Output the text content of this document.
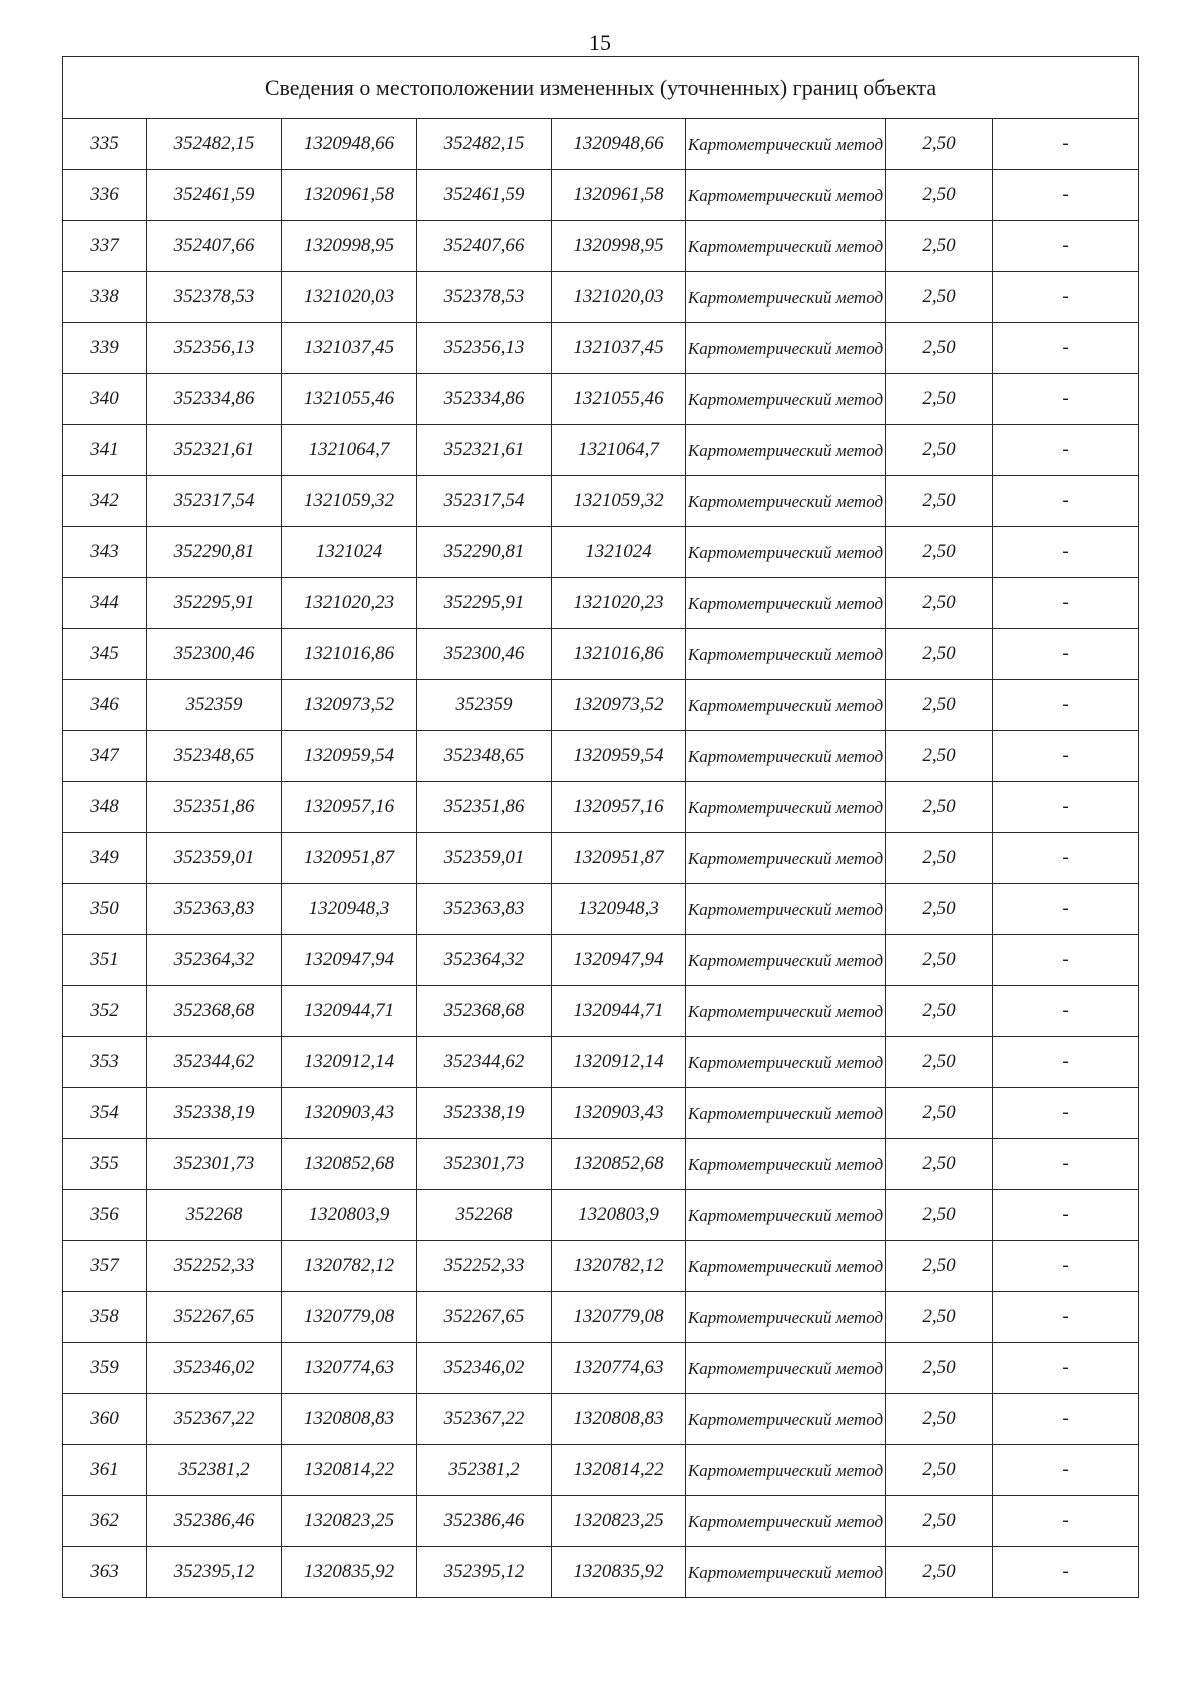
15
Сведения о местоположении измененных (уточненных) границ объекта							
335	352482,15	1320948,66	352482,15	1320948,66	Картометрический метод	2,50	-
336	352461,59	1320961,58	352461,59	1320961,58	Картометрический метод	2,50	-
337	352407,66	1320998,95	352407,66	1320998,95	Картометрический метод	2,50	-
338	352378,53	1321020,03	352378,53	1321020,03	Картометрический метод	2,50	-
339	352356,13	1321037,45	352356,13	1321037,45	Картометрический метод	2,50	-
340	352334,86	1321055,46	352334,86	1321055,46	Картометрический метод	2,50	-
341	352321,61	1321064,7	352321,61	1321064,7	Картометрический метод	2,50	-
342	352317,54	1321059,32	352317,54	1321059,32	Картометрический метод	2,50	-
343	352290,81	1321024	352290,81	1321024	Картометрический метод	2,50	-
344	352295,91	1321020,23	352295,91	1321020,23	Картометрический метод	2,50	-
345	352300,46	1321016,86	352300,46	1321016,86	Картометрический метод	2,50	-
346	352359	1320973,52	352359	1320973,52	Картометрический метод	2,50	-
347	352348,65	1320959,54	352348,65	1320959,54	Картометрический метод	2,50	-
348	352351,86	1320957,16	352351,86	1320957,16	Картометрический метод	2,50	-
349	352359,01	1320951,87	352359,01	1320951,87	Картометрический метод	2,50	-
350	352363,83	1320948,3	352363,83	1320948,3	Картометрический метод	2,50	-
351	352364,32	1320947,94	352364,32	1320947,94	Картометрический метод	2,50	-
352	352368,68	1320944,71	352368,68	1320944,71	Картометрический метод	2,50	-
353	352344,62	1320912,14	352344,62	1320912,14	Картометрический метод	2,50	-
354	352338,19	1320903,43	352338,19	1320903,43	Картометрический метод	2,50	-
355	352301,73	1320852,68	352301,73	1320852,68	Картометрический метод	2,50	-
356	352268	1320803,9	352268	1320803,9	Картометрический метод	2,50	-
357	352252,33	1320782,12	352252,33	1320782,12	Картометрический метод	2,50	-
358	352267,65	1320779,08	352267,65	1320779,08	Картометрический метод	2,50	-
359	352346,02	1320774,63	352346,02	1320774,63	Картометрический метод	2,50	-
360	352367,22	1320808,83	352367,22	1320808,83	Картометрический метод	2,50	-
361	352381,2	1320814,22	352381,2	1320814,22	Картометрический метод	2,50	-
362	352386,46	1320823,25	352386,46	1320823,25	Картометрический метод	2,50	-
363	352395,12	1320835,92	352395,12	1320835,92	Картометрический метод	2,50	-
